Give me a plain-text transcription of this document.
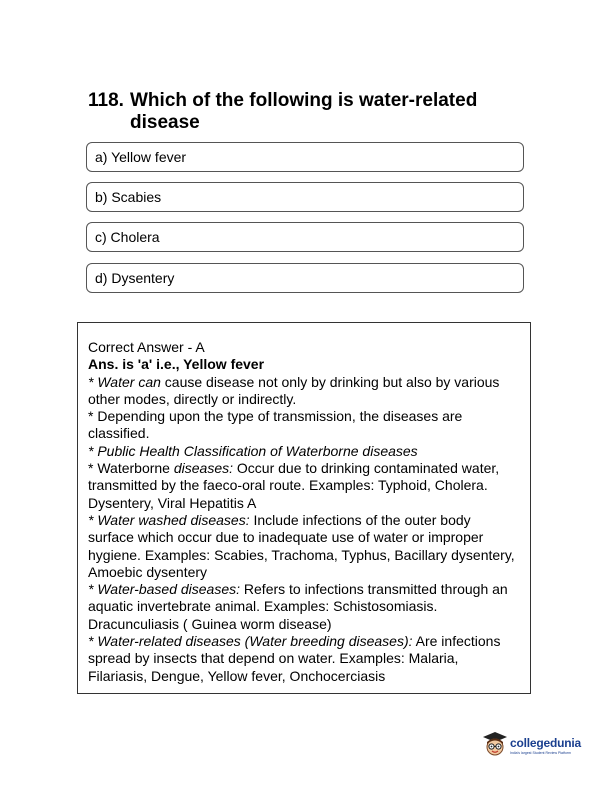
118. Which of the following is water-related
disease
a) Yellow fever
b) Scabies
c) Cholera
d) Dysentery

Correct Answer - A

Ans. is 'a' i.e., Yellow fever

* Water can cause disease not only by drinking but also by various other modes, directly or indirectly.

* Depending upon the type of transmission, the diseases are classified.

* Public Health Classification of Waterborne diseases

* Waterborne diseases: Occur due to drinking contaminated water, transmitted by the faeco-oral route. Examples: Typhoid, Cholera. Dysentery, Viral Hepatitis A

* Water washed diseases: Include infections of the outer body surface which occur due to inadequate use of water or improper hygiene. Examples: Scabies, Trachoma, Typhus, Bacillary dysentery, Amoebic dysentery

* Water-based diseases: Refers to infections transmitted through an aquatic invertebrate animal. Examples: Schistosomiasis. Dracunculiasis ( Guinea worm disease)

* Water-related diseases (Water breeding diseases): Are infections spread by insects that depend on water. Examples: Malaria, Filariasis, Dengue, Yellow fever, Onchocerciasis

collegedunia
India's largest Student Review Platform
